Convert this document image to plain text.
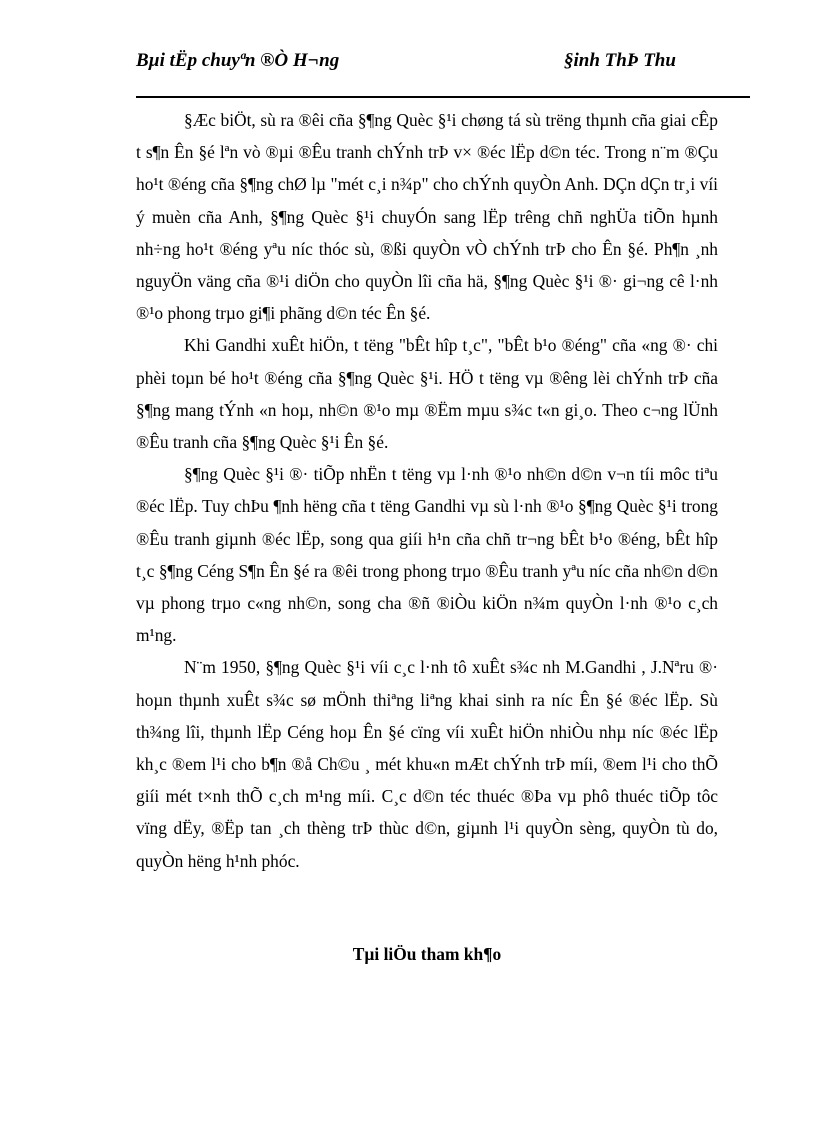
Bµi tËp chuyªn ®Ò H¬ng	§inh ThÞ Thu

§Æc biÖt, sù ra ®êi cña §¶ng Quèc §¹i chøng tá sù trëng thµnh cña giai cÊp t s¶n Ên §é lªn vò ®µi ®Êu tranh chÝnh trÞ v× ®éc lËp d©n téc. Trong n¨m ®Çu ho¹t ®éng cña §¶ng chØ lµ "mét c¸i n¾p" cho chÝnh quyÒn Anh. DÇn dÇn tr¸i víi ý muèn cña Anh, §¶ng Quèc §¹i chuyÓn sang lËp trêng chñ nghÜa tiÕn hµnh nh÷ng ho¹t ®éng yªu níc thóc sù, ®ßi quyÒn vÒ chÝnh trÞ cho Ên §é. Ph¶n ¸nh nguyÖn väng cña ®¹i diÖn cho quyÒn lîi cña hä, §¶ng Quèc §¹i ®· gi¬ng cê l·nh ®¹o phong trµo gi¶i phãng d©n téc Ên §é.

Khi Gandhi xuÊt hiÖn, t tëng "bÊt hîp t¸c", "bÊt b¹o ®éng" cña «ng ®· chi phèi toµn bé ho¹t ®éng cña §¶ng Quèc §¹i. HÖ t tëng vµ ®êng lèi chÝnh trÞ cña §¶ng mang tÝnh «n hoµ, nh©n ®¹o mµ ®Ëm mµu s¾c t«n gi¸o. Theo c¬ng lÜnh ®Êu tranh cña §¶ng Quèc §¹i Ên §é.

§¶ng Quèc §¹i ®· tiÕp nhËn t tëng vµ l·nh ®¹o nh©n d©n v¬n tíi môc tiªu ®éc lËp. Tuy chÞu ¶nh hëng cña t tëng Gandhi vµ sù l·nh ®¹o §¶ng Quèc §¹i trong ®Êu tranh giµnh ®éc lËp, song qua giíi h¹n cña chñ tr¬ng bÊt b¹o ®éng, bÊt hîp t¸c §¶ng Céng S¶n Ên §é ra ®êi trong phong trµo ®Êu tranh yªu níc cña nh©n d©n vµ phong trµo c«ng nh©n, song cha ®ñ ®iÒu kiÖn n¾m quyÒn l·nh ®¹o c¸ch m¹ng.

N¨m 1950, §¶ng Quèc §¹i víi c¸c l·nh tô xuÊt s¾c nh M.Gandhi , J.Nªru ®· hoµn thµnh xuÊt s¾c sø mÖnh thiªng liªng khai sinh ra níc Ên §é ®éc lËp. Sù th¾ng lîi, thµnh lËp Céng hoµ Ên §é cïng víi xuÊt hiÖn nhiÒu nhµ níc ®éc lËp kh¸c ®em l¹i cho b¶n ®å Ch©u ¸ mét khu«n mÆt chÝnh trÞ míi, ®em l¹i cho thÕ giíi mét t×nh thÕ c¸ch m¹ng míi. C¸c d©n téc thuéc ®Þa vµ phô thuéc tiÕp tôc vïng dËy, ®Ëp tan ¸ch thèng trÞ thùc d©n, giµnh l¹i quyÒn sèng, quyÒn tù do, quyÒn hëng h¹nh phóc.

Tµi liÖu tham kh¶o
